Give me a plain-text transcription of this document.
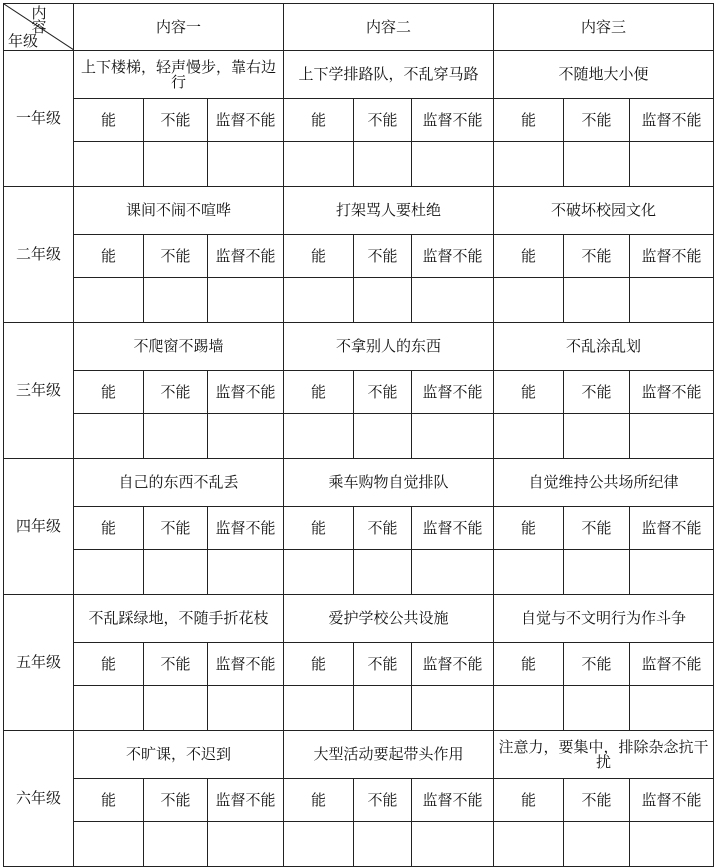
内容
年级	内容一			内容二			内容三		
一年级	上下楼梯，轻声慢步，靠右边行			上下学排路队，不乱穿马路			不随地大小便		
	能	不能	监督不能	能	不能	监督不能	能	不能	监督不能

二年级	课间不闹不喧哗			打架骂人要杜绝			不破坏校园文化		
	能	不能	监督不能	能	不能	监督不能	能	不能	监督不能

三年级	不爬窗不踢墙			不拿别人的东西			不乱涂乱划		
	能	不能	监督不能	能	不能	监督不能	能	不能	监督不能

四年级	自己的东西不乱丢			乘车购物自觉排队			自觉维持公共场所纪律		
	能	不能	监督不能	能	不能	监督不能	能	不能	监督不能

五年级	不乱踩绿地，不随手折花枝			爱护学校公共设施			自觉与不文明行为作斗争		
	能	不能	监督不能	能	不能	监督不能	能	不能	监督不能

六年级	不旷课，不迟到			大型活动要起带头作用			注意力，要集中，排除杂念抗干扰		
	能	不能	监督不能	能	不能	监督不能	能	不能	监督不能
